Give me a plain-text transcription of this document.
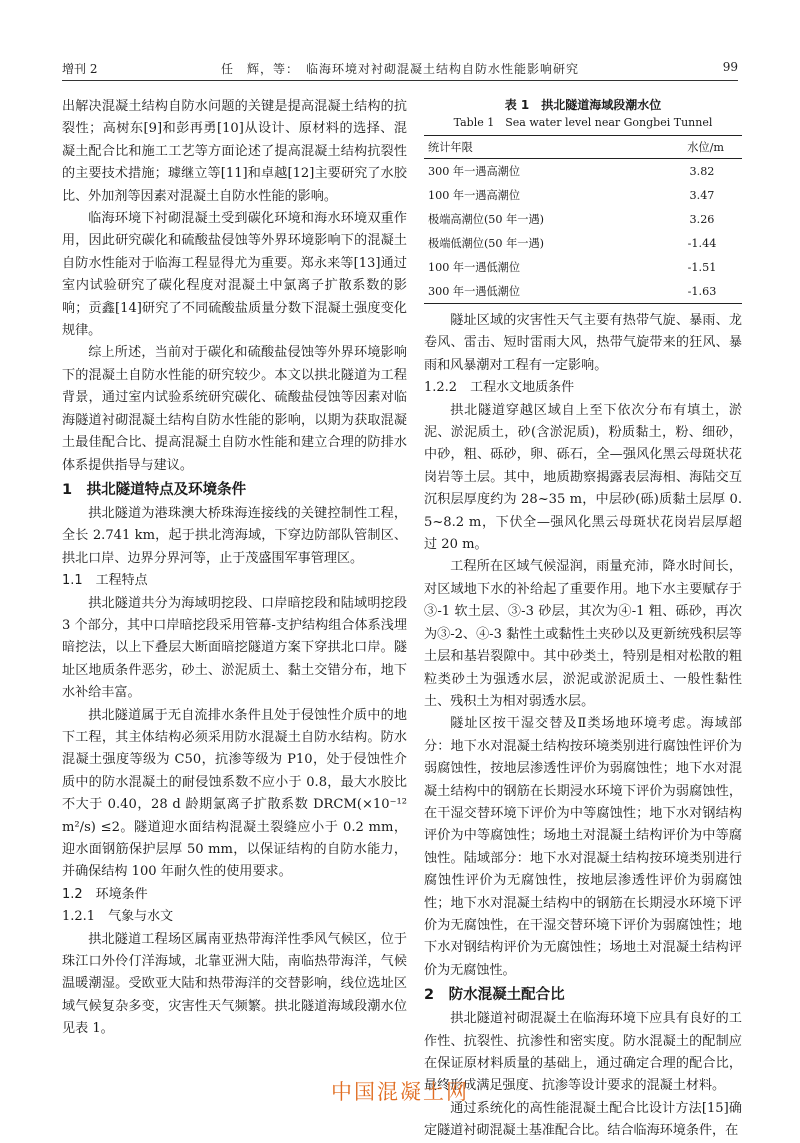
增刊 2	任　辉，等：　临海环境对衬砌混凝土结构自防水性能影响研究	99

出解决混凝土结构自防水问题的关键是提高混凝土结构的抗裂性；高树东[9]和彭再勇[10]从设计、原材料的选择、混凝土配合比和施工工艺等方面论述了提高混凝土结构抗裂性的主要技术措施；璩继立等[11]和卓越[12]主要研究了水胶比、外加剂等因素对混凝土自防水性能的影响。

临海环境下衬砌混凝土受到碳化环境和海水环境双重作用，因此研究碳化和硫酸盐侵蚀等外界环境影响下的混凝土自防水性能对于临海工程显得尤为重要。郑永来等[13]通过室内试验研究了碳化程度对混凝土中氯离子扩散系数的影响；贡鑫[14]研究了不同硫酸盐质量分数下混凝土强度变化规律。

综上所述，当前对于碳化和硫酸盐侵蚀等外界环境影响下的混凝土自防水性能的研究较少。本文以拱北隧道为工程背景，通过室内试验系统研究碳化、硫酸盐侵蚀等因素对临海隧道衬砌混凝土结构自防水性能的影响，以期为获取混凝土最佳配合比、提高混凝土自防水性能和建立合理的防排水体系提供指导与建议。

1　拱北隧道特点及环境条件

拱北隧道为港珠澳大桥珠海连接线的关键控制性工程，全长 2.741 km，起于拱北湾海域，下穿边防部队管制区、拱北口岸、边界分界河等，止于茂盛围军事管理区。

1.1　工程特点

拱北隧道共分为海域明挖段、口岸暗挖段和陆域明挖段 3 个部分，其中口岸暗挖段采用管幕-支护结构组合体系浅埋暗挖法，以上下叠层大断面暗挖隧道方案下穿拱北口岸。隧址区地质条件恶劣，砂土、淤泥质土、黏土交错分布，地下水补给丰富。

拱北隧道属于无自流排水条件且处于侵蚀性介质中的地下工程，其主体结构必须采用防水混凝土自防水结构。防水混凝土强度等级为 C50，抗渗等级为 P10，处于侵蚀性介质中的防水混凝土的耐侵蚀系数不应小于 0.8，最大水胶比不大于 0.40，28 d 龄期氯离子扩散系数 DRCM(×10⁻¹² m²/s) ≤2。隧道迎水面结构混凝土裂缝应小于 0.2 mm，迎水面钢筋保护层厚 50 mm，以保证结构的自防水能力，并确保结构 100 年耐久性的使用要求。

1.2　环境条件
1.2.1　气象与水文

拱北隧道工程场区属南亚热带海洋性季风气候区，位于珠江口外伶仃洋海域，北靠亚洲大陆，南临热带海洋，气候温暖潮湿。受欧亚大陆和热带海洋的交替影响，线位选址区域气候复杂多变，灾害性天气频繁。拱北隧道海域段潮水位见表 1。

表 1　拱北隧道海域段潮水位
Table 1　Sea water level near Gongbei Tunnel
统计年限	水位/m
300 年一遇高潮位	3.82
100 年一遇高潮位	3.47
极端高潮位(50 年一遇)	3.26
极端低潮位(50 年一遇)	-1.44
100 年一遇低潮位	-1.51
300 年一遇低潮位	-1.63

隧址区域的灾害性天气主要有热带气旋、暴雨、龙卷风、雷击、短时雷雨大风，热带气旋带来的狂风、暴雨和风暴潮对工程有一定影响。

1.2.2　工程水文地质条件

拱北隧道穿越区域自上至下依次分布有填土，淤泥、淤泥质土，砂(含淤泥质)，粉质黏土，粉、细砂，中砂，粗、砾砂，卵、砾石，全—强风化黑云母斑状花岗岩等土层。其中，地质勘察揭露表层海相、海陆交互沉积层厚度约为 28~35 m，中层砂(砾)质黏土层厚 0.5~8.2 m，下伏全—强风化黑云母斑状花岗岩层厚超过 20 m。

工程所在区域气候湿润，雨量充沛，降水时间长，对区域地下水的补给起了重要作用。地下水主要赋存于③-1 软土层、③-3 砂层，其次为④-1 粗、砾砂，再次为③-2、④-3 黏性土或黏性土夹砂以及更新统残积层等土层和基岩裂隙中。其中砂类土，特别是相对松散的粗粒类砂土为强透水层，淤泥或淤泥质土、一般性黏性土、残积土为相对弱透水层。

隧址区按干湿交替及Ⅱ类场地环境考虑。海域部分：地下水对混凝土结构按环境类别进行腐蚀性评价为弱腐蚀性，按地层渗透性评价为弱腐蚀性；地下水对混凝土结构中的钢筋在长期浸水环境下评价为弱腐蚀性，在干湿交替环境下评价为中等腐蚀性；地下水对钢结构评价为中等腐蚀性；场地土对混凝土结构评价为中等腐蚀性。陆域部分：地下水对混凝土结构按环境类别进行腐蚀性评价为无腐蚀性，按地层渗透性评价为弱腐蚀性；地下水对混凝土结构中的钢筋在长期浸水环境下评价为无腐蚀性，在干湿交替环境下评价为弱腐蚀性；地下水对钢结构评价为无腐蚀性；场地土对混凝土结构评价为无腐蚀性。

2　防水混凝土配合比

拱北隧道衬砌混凝土在临海环境下应具有良好的工作性、抗裂性、抗渗性和密实度。防水混凝土的配制应在保证原材料质量的基础上，通过确定合理的配合比，最终形成满足强度、抗渗等设计要求的混凝土材料。

通过系统化的高性能混凝土配合比设计方法[15]确定隧道衬砌混凝土基准配合比。结合临海环境条件，在

中国混凝土网
